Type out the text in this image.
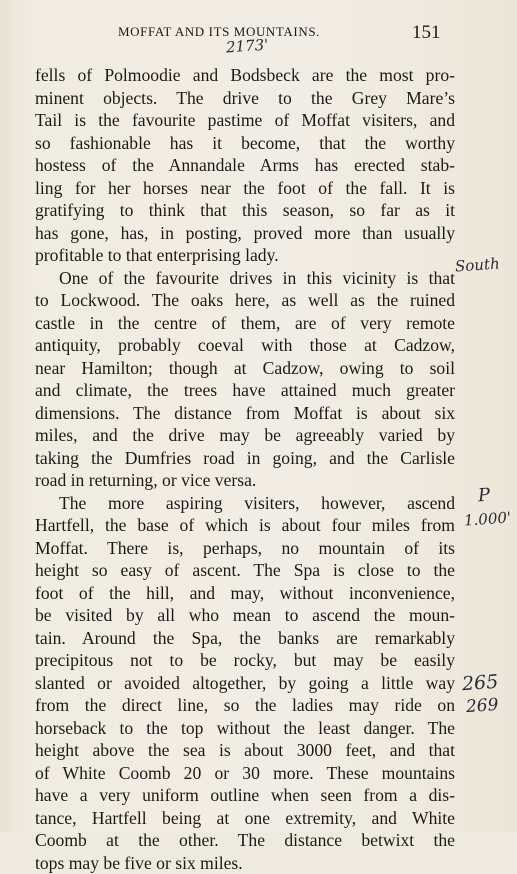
MOFFAT AND ITS MOUNTAINS.	151
2173'
South
P
1.000'
265
269
fells of Polmoodie and Bodsbeck are the most pro-
minent objects. The drive to the Grey Mare’s
Tail is the favourite pastime of Moffat visiters, and
so fashionable has it become, that the worthy
hostess of the Annandale Arms has erected stab-
ling for her horses near the foot of the fall. It is
gratifying to think that this season, so far as it
has gone, has, in posting, proved more than usually
profitable to that enterprising lady.
One of the favourite drives in this vicinity is that
to Lockwood. The oaks here, as well as the ruined
castle in the centre of them, are of very remote
antiquity, probably coeval with those at Cadzow,
near Hamilton; though at Cadzow, owing to soil
and climate, the trees have attained much greater
dimensions. The distance from Moffat is about six
miles, and the drive may be agreeably varied by
taking the Dumfries road in going, and the Carlisle
road in returning, or vice versa.
The more aspiring visiters, however, ascend
Hartfell, the base of which is about four miles from
Moffat. There is, perhaps, no mountain of its
height so easy of ascent. The Spa is close to the
foot of the hill, and may, without inconvenience,
be visited by all who mean to ascend the moun-
tain. Around the Spa, the banks are remarkably
precipitous not to be rocky, but may be easily
slanted or avoided altogether, by going a little way
from the direct line, so the ladies may ride on
horseback to the top without the least danger. The
height above the sea is about 3000 feet, and that
of White Coomb 20 or 30 more. These mountains
have a very uniform outline when seen from a dis-
tance, Hartfell being at one extremity, and White
Coomb at the other. The distance betwixt the
tops may be five or six miles.
